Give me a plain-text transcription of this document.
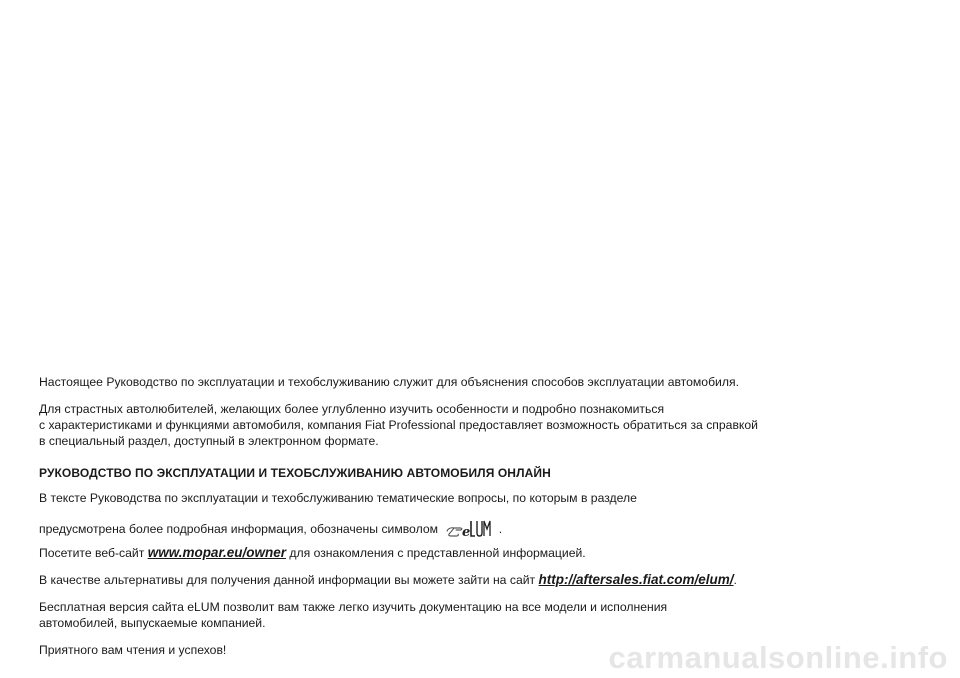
Настоящее Руководство по эксплуатации и техобслуживанию служит для объяснения способов эксплуатации автомобиля.

Для страстных автолюбителей, желающих более углубленно изучить особенности и подробно познакомиться
с характеристиками и функциями автомобиля, компания Fiat Professional предоставляет возможность обратиться за справкой
в специальный раздел, доступный в электронном формате.

РУКОВОДСТВО ПО ЭКСПЛУАТАЦИИ И ТЕХОБСЛУЖИВАНИЮ АВТОМОБИЛЯ ОНЛАЙН

В тексте Руководства по эксплуатации и техобслуживанию тематические вопросы, по которым в разделе

предусмотрена более подробная информация, обозначены символом e .

Посетите веб-сайт www.mopar.eu/owner для ознакомления с представленной информацией.

В качестве альтернативы для получения данной информации вы можете зайти на сайт http://aftersales.fiat.com/elum/.

Бесплатная версия сайта eLUM позволит вам также легко изучить документацию на все модели и исполнения
автомобилей, выпускаемые компанией.

Приятного вам чтения и успехов!	carmanualsonline.info
